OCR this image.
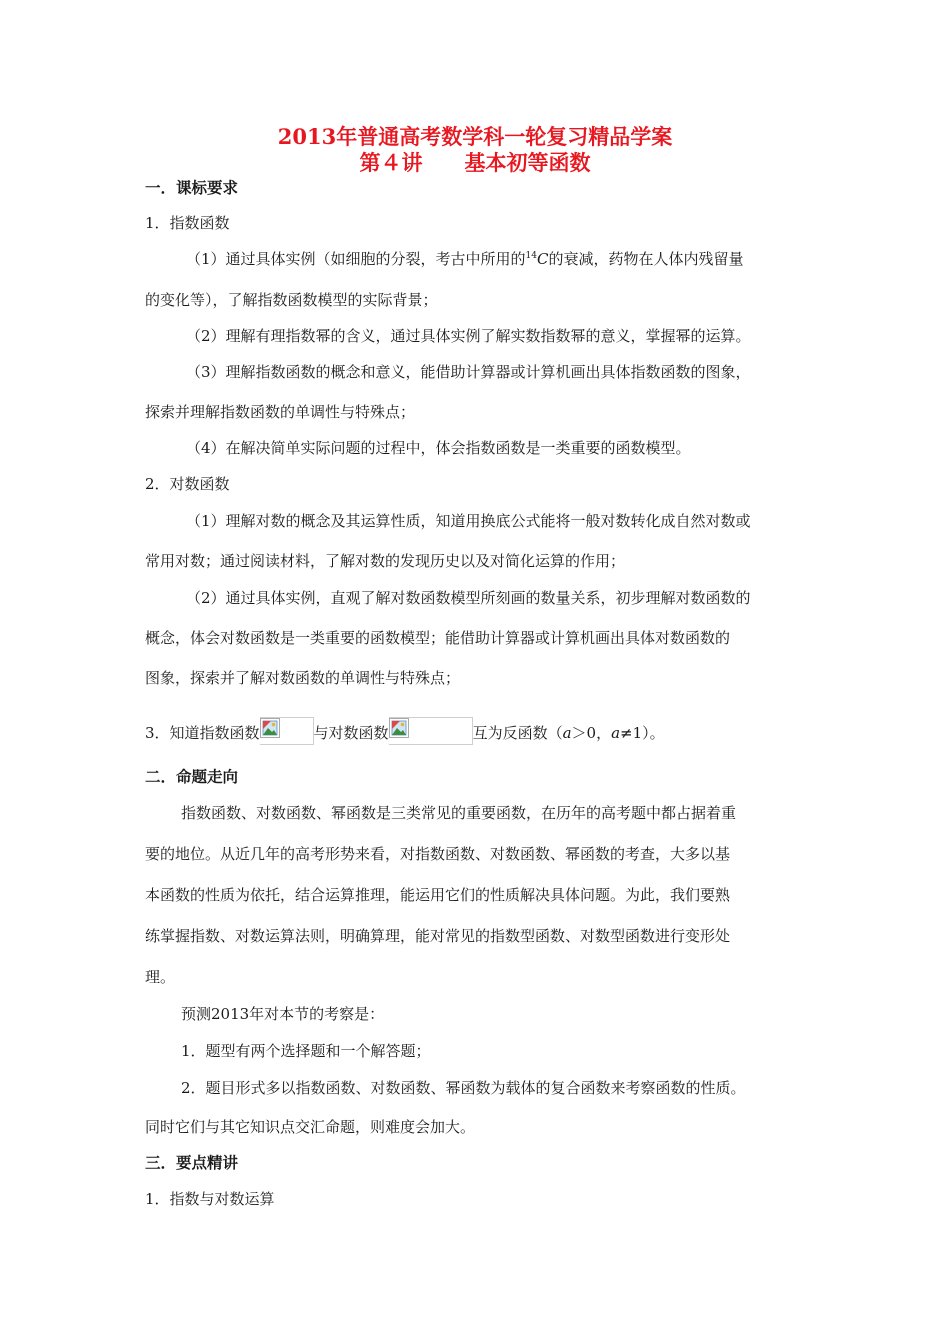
2013年普通高考数学科一轮复习精品学案
第４讲　　基本初等函数

一．课标要求

1．指数函数

（1）通过具体实例（如细胞的分裂，考古中所用的$^{14}$C的衰减，药物在人体内残留量

的变化等），了解指数函数模型的实际背景；

（2）理解有理指数幂的含义，通过具体实例了解实数指数幂的意义，掌握幂的运算。

（3）理解指数函数的概念和意义，能借助计算器或计算机画出具体指数函数的图象，

探索并理解指数函数的单调性与特殊点；

（4）在解决简单实际问题的过程中，体会指数函数是一类重要的函数模型。

2．对数函数

（1）理解对数的概念及其运算性质，知道用换底公式能将一般对数转化成自然对数或

常用对数；通过阅读材料，了解对数的发现历史以及对简化运算的作用；

（2）通过具体实例，直观了解对数函数模型所刻画的数量关系，初步理解对数函数的

概念，体会对数函数是一类重要的函数模型；能借助计算器或计算机画出具体对数函数的

图象，探索并了解对数函数的单调性与特殊点；

3．知道指数函数	与对数函数	互为反函数（a＞0，a≠1）。

二．命题走向

指数函数、对数函数、幂函数是三类常见的重要函数，在历年的高考题中都占据着重

要的地位。从近几年的高考形势来看，对指数函数、对数函数、幂函数的考查，大多以基

本函数的性质为依托，结合运算推理，能运用它们的性质解决具体问题。为此，我们要熟

练掌握指数、对数运算法则，明确算理，能对常见的指数型函数、对数型函数进行变形处

理。

预测2013年对本节的考察是：

1．题型有两个选择题和一个解答题；

2．题目形式多以指数函数、对数函数、幂函数为载体的复合函数来考察函数的性质。

同时它们与其它知识点交汇命题，则难度会加大。

三．要点精讲

1．指数与对数运算
